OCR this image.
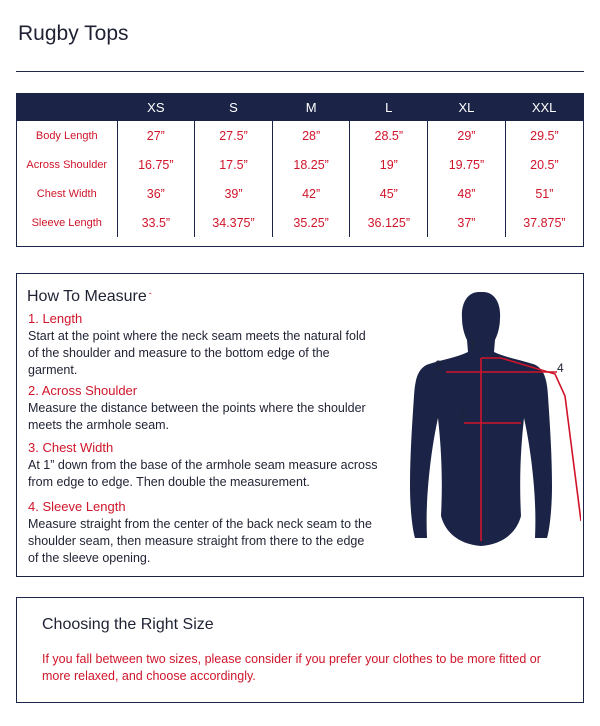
Rugby Tops
	XS	S	M	L	XL	XXL
Body Length	27”	27.5”	28”	28.5”	29”	29.5”
Across Shoulder	16.75”	17.5”	18.25”	19”	19.75”	20.5”
Chest Width	36”	39”	42”	45”	48”	51”
Sleeve Length	33.5”	34.375”	35.25”	36.125”	37”	37.875”
How To Measure -
1. Length
Start at the point where the neck seam meets the natural fold of the shoulder and measure to the bottom edge of the garment.
2. Across Shoulder
Measure the distance between the points where the shoulder meets the armhole seam.
3. Chest Width
At 1” down from the base of the armhole seam measure across from edge to edge. Then double the measurement.
4. Sleeve Length
Measure straight from the center of the back neck seam to the shoulder seam, then measure straight from there to the edge of the sleeve opening.
1
2
3
4
Choosing the Right Size
If you fall between two sizes, please consider if you prefer your clothes to be more fitted or more relaxed, and choose accordingly.
